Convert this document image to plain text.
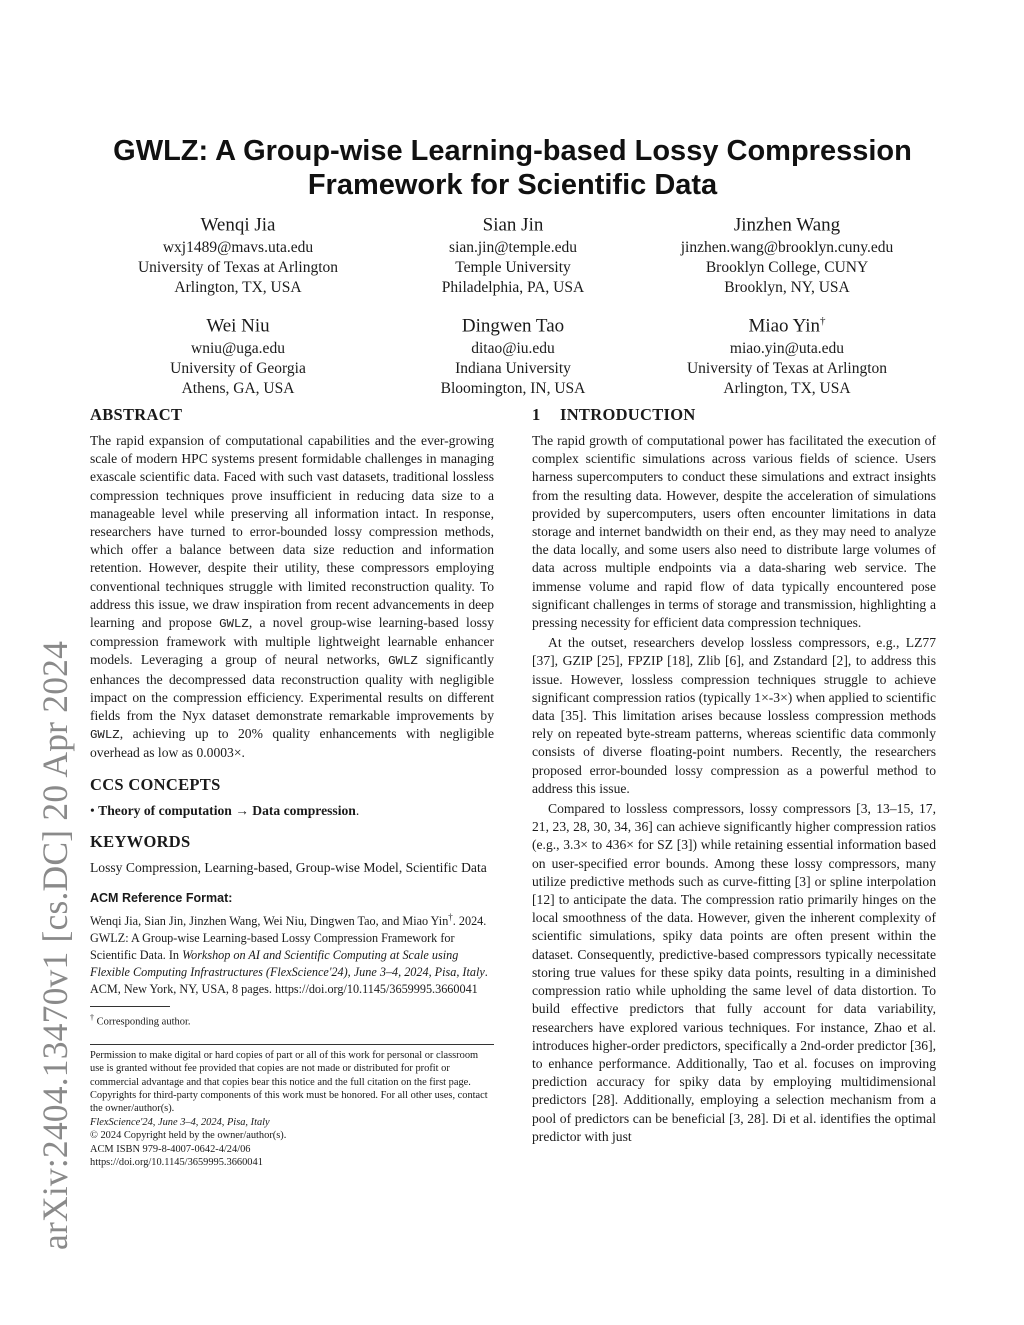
arXiv:2404.13470v1 [cs.DC] 20 Apr 2024
GWLZ: A Group-wise Learning-based Lossy Compression
Framework for Scientific Data
Wenqi Jia
wxj1489@mavs.uta.edu
University of Texas at Arlington
Arlington, TX, USA
Sian Jin
sian.jin@temple.edu
Temple University
Philadelphia, PA, USA
Jinzhen Wang
jinzhen.wang@brooklyn.cuny.edu
Brooklyn College, CUNY
Brooklyn, NY, USA
Wei Niu
wniu@uga.edu
University of Georgia
Athens, GA, USA
Dingwen Tao
ditao@iu.edu
Indiana University
Bloomington, IN, USA
Miao Yin†
miao.yin@uta.edu
University of Texas at Arlington
Arlington, TX, USA
ABSTRACT

The rapid expansion of computational capabilities and the ever-growing scale of modern HPC systems present formidable challenges in managing exascale scientific data. Faced with such vast datasets, traditional lossless compression techniques prove insufficient in reducing data size to a manageable level while preserving all information intact. In response, researchers have turned to error-bounded lossy compression methods, which offer a balance between data size reduction and information retention. However, despite their utility, these compressors employing conventional techniques struggle with limited reconstruction quality. To address this issue, we draw inspiration from recent advancements in deep learning and propose GWLZ, a novel group-wise learning-based lossy compression framework with multiple lightweight learnable enhancer models. Leveraging a group of neural networks, GWLZ significantly enhances the decompressed data reconstruction quality with negligible impact on the compression efficiency. Experimental results on different fields from the Nyx dataset demonstrate remarkable improvements by GWLZ, achieving up to 20% quality enhancements with negligible overhead as low as 0.0003×.

CCS CONCEPTS

• Theory of computation → Data compression.

KEYWORDS

Lossy Compression, Learning-based, Group-wise Model, Scientific Data

ACM Reference Format:

Wenqi Jia, Sian Jin, Jinzhen Wang, Wei Niu, Dingwen Tao, and Miao Yin†. 2024. GWLZ: A Group-wise Learning-based Lossy Compression Framework for Scientific Data. In Workshop on AI and Scientific Computing at Scale using Flexible Computing Infrastructures (FlexScience'24), June 3–4, 2024, Pisa, Italy. ACM, New York, NY, USA, 8 pages. https://doi.org/10.1145/3659995.3660041

† Corresponding author.

Permission to make digital or hard copies of part or all of this work for personal or classroom use is granted without fee provided that copies are not made or distributed for profit or commercial advantage and that copies bear this notice and the full citation on the first page. Copyrights for third-party components of this work must be honored. For all other uses, contact the owner/author(s).

FlexScience'24, June 3–4, 2024, Pisa, Italy

© 2024 Copyright held by the owner/author(s).

ACM ISBN 979-8-4007-0642-4/24/06

https://doi.org/10.1145/3659995.3660041

1 INTRODUCTION

The rapid growth of computational power has facilitated the execution of complex scientific simulations across various fields of science. Users harness supercomputers to conduct these simulations and extract insights from the resulting data. However, despite the acceleration of simulations provided by supercomputers, users often encounter limitations in data storage and internet bandwidth on their end, as they may need to analyze the data locally, and some users also need to distribute large volumes of data across multiple endpoints via a data-sharing web service. The immense volume and rapid flow of data typically encountered pose significant challenges in terms of storage and transmission, highlighting a pressing necessity for efficient data compression techniques.

At the outset, researchers develop lossless compressors, e.g., LZ77 [37], GZIP [25], FPZIP [18], Zlib [6], and Zstandard [2], to address this issue. However, lossless compression techniques struggle to achieve significant compression ratios (typically 1×-3×) when applied to scientific data [35]. This limitation arises because lossless compression methods rely on repeated byte-stream patterns, whereas scientific data commonly consists of diverse floating-point numbers. Recently, the researchers proposed error-bounded lossy compression as a powerful method to address this issue.

Compared to lossless compressors, lossy compressors [3, 13–15, 17, 21, 23, 28, 30, 34, 36] can achieve significantly higher compression ratios (e.g., 3.3× to 436× for SZ [3]) while retaining essential information based on user-specified error bounds. Among these lossy compressors, many utilize predictive methods such as curve-fitting [3] or spline interpolation [12] to anticipate the data. The compression ratio primarily hinges on the local smoothness of the data. However, given the inherent complexity of scientific simulations, spiky data points are often present within the dataset. Consequently, predictive-based compressors typically necessitate storing true values for these spiky data points, resulting in a diminished compression ratio while upholding the same level of data distortion. To build effective predictors that fully account for data variability, researchers have explored various techniques. For instance, Zhao et al. introduces higher-order predictors, specifically a 2nd-order predictor [36], to enhance performance. Additionally, Tao et al. focuses on improving prediction accuracy for spiky data by employing multidimensional predictors [28]. Additionally, employing a selection mechanism from a pool of predictors can be beneficial [3, 28]. Di et al. identifies the optimal predictor with just
